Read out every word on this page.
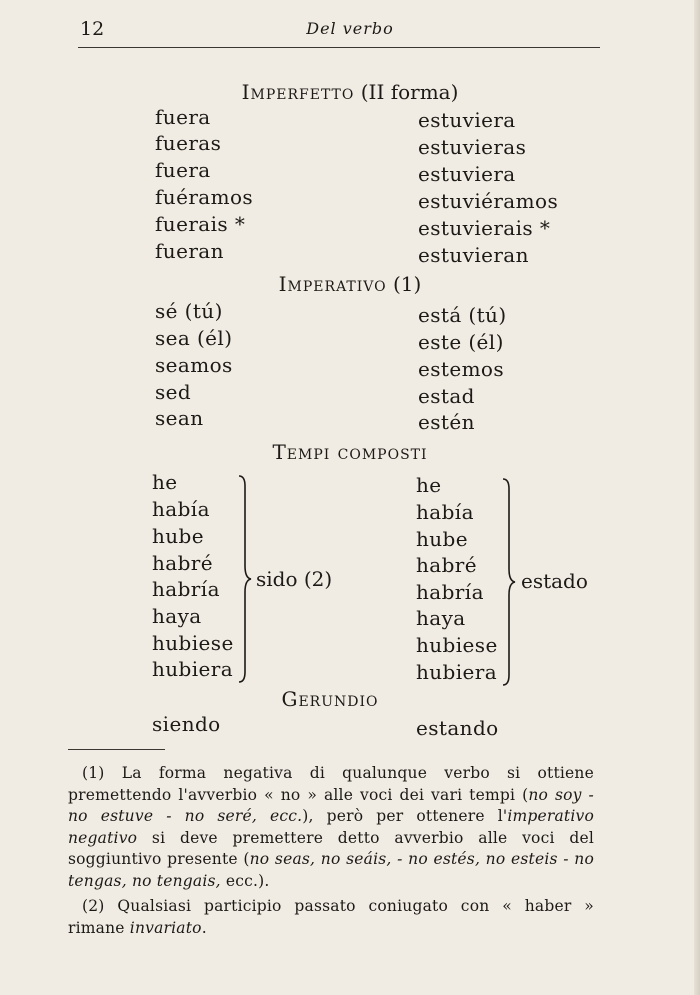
12	Del verbo
Imperfetto (II forma)
fuera
fueras
fuera
fuéramos
fuerais *
fueran
estuviera
estuvieras
estuviera
estuviéramos
estuvierais *
estuvieran
Imperativo (1)
sé (tú)
sea (él)
seamos
sed
sean
está (tú)
este (él)
estemos
estad
estén
Tempi composti
he
había
hube
habré
habría
haya
hubiese
hubiera
sido (2)
he
había
hube
habré
habría
haya
hubiese
hubiera
estado
Gerundio
siendo	estando
(1) La forma negativa di qualunque verbo si ottiene premettendo l'avverbio « no » alle voci dei vari tempi (no soy - no estuve - no seré, ecc.), però per ottenere l'imperativo negativo si deve premettere detto avverbio alle voci del soggiuntivo presente (no seas, no seáis, - no estés, no esteis - no tengas, no tengais, ecc.).
(2) Qualsiasi participio passato coniugato con « haber » rimane invariato.
